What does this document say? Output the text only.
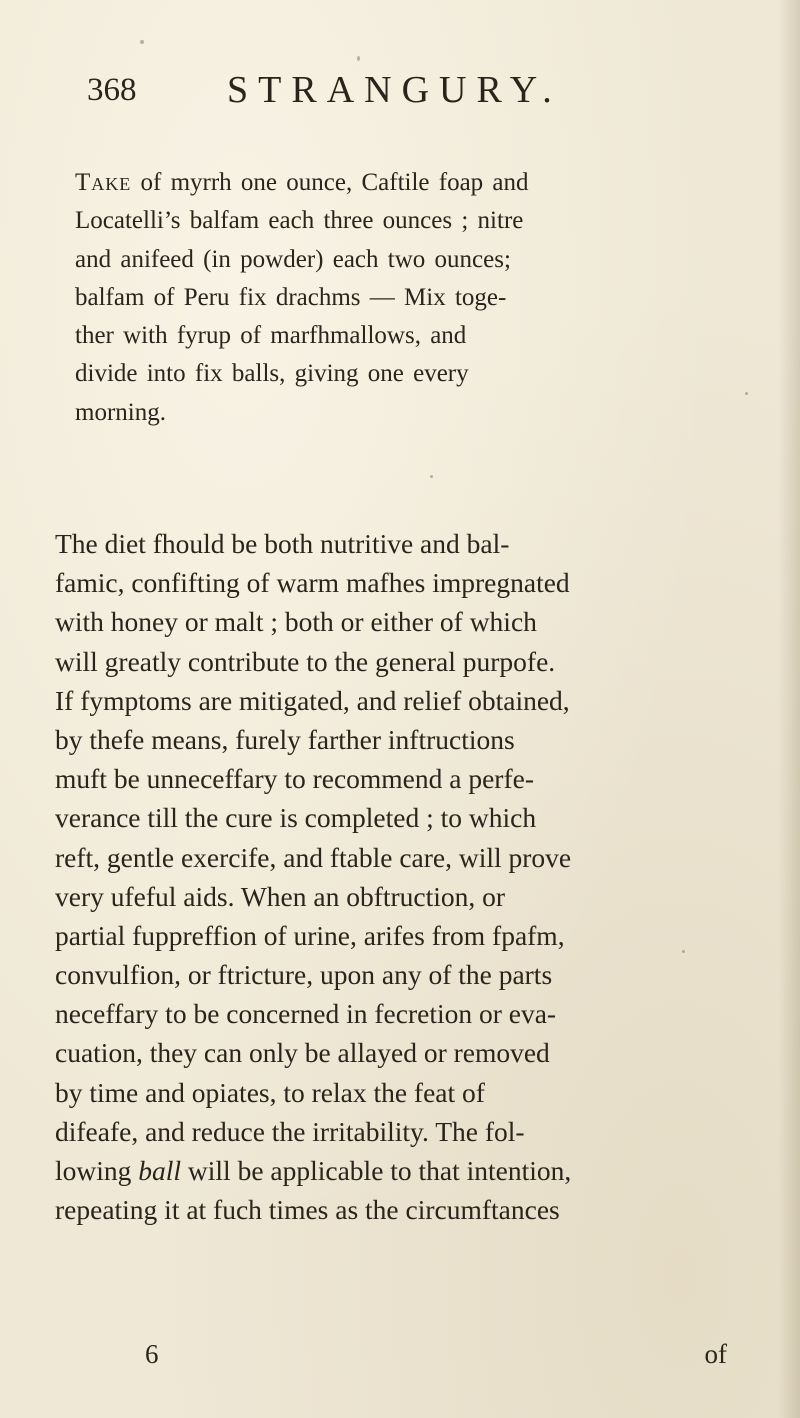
368 STRANGURY.
Take of myrrh one ounce, Caftile foap and
Locatelli’s balfam each three ounces ; nitre
and anifeed (in powder) each two ounces;
balfam of Peru fix drachms — Mix toge-
ther with fyrup of marfhmallows, and
divide into fix balls, giving one every
morning.
The diet fhould be both nutritive and bal-
famic, confifting of warm mafhes impregnated
with honey or malt ; both or either of which
will greatly contribute to the general purpofe.
If fymptoms are mitigated, and relief obtained,
by thefe means, furely farther inftructions
muft be unneceffary to recommend a perfe-
verance till the cure is completed ; to which
reft, gentle exercife, and ftable care, will prove
very ufeful aids. When an obftruction, or
partial fuppreffion of urine, arifes from fpafm,
convulfion, or ftricture, upon any of the parts
neceffary to be concerned in fecretion or eva-
cuation, they can only be allayed or removed
by time and opiates, to relax the feat of
difeafe, and reduce the irritability. The fol-
lowing ball will be applicable to that intention,
repeating it at fuch times as the circumftances
6	of
